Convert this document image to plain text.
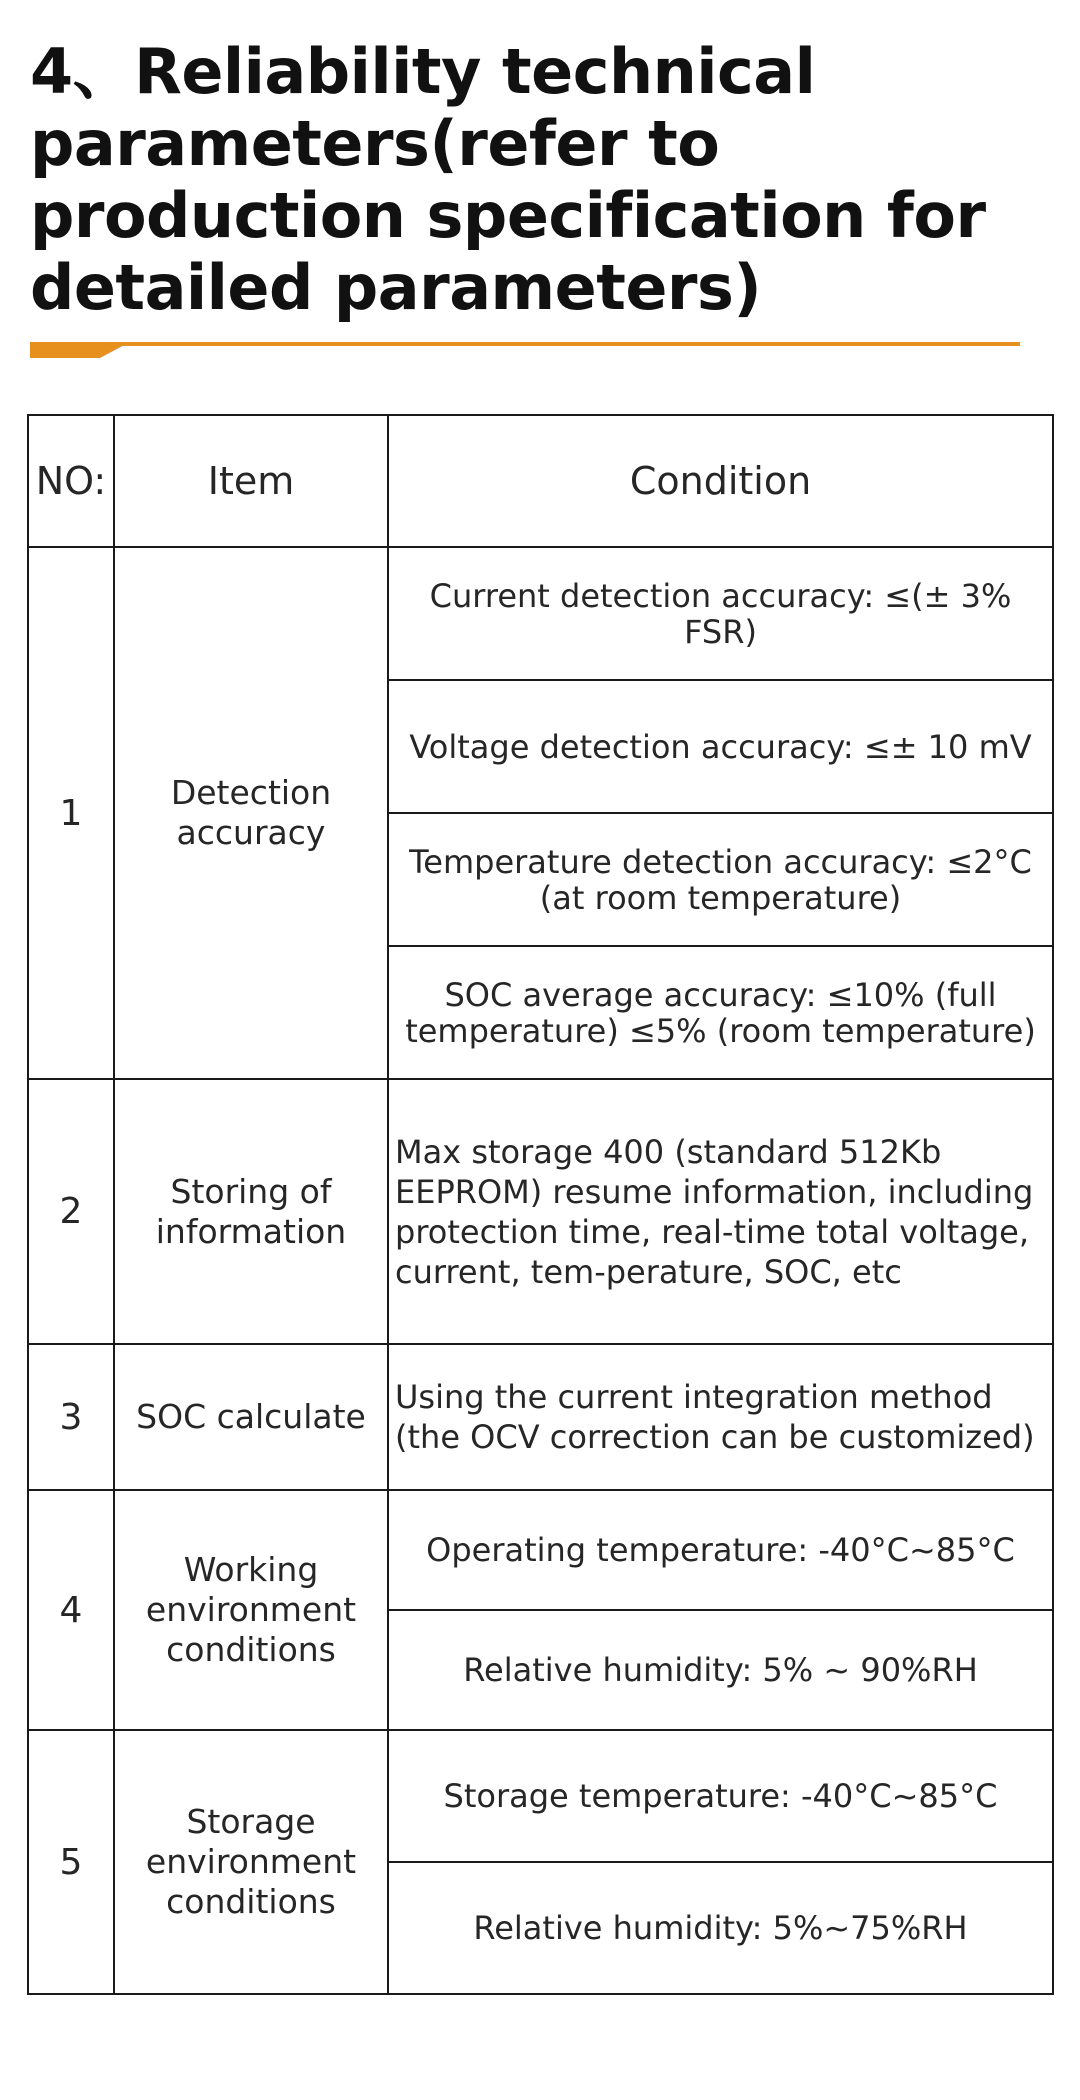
4、Reliability technical parameters(refer to production specification for detailed parameters)
NO:	Item	Condition
1	Detection accuracy	Current detection accuracy: ≤(± 3% FSR)
		Voltage detection accuracy: ≤± 10 mV
		Temperature detection accuracy: ≤2°C (at room temperature)
		SOC average accuracy: ≤10% (full temperature) ≤5% (room temperature)
2	Storing of information	Max storage 400 (standard 512Kb EEPROM) resume information, including protection time, real-time total voltage, current, tem-perature, SOC, etc
3	SOC calculate	Using the current integration method (the OCV correction can be customized)
4	Working environment conditions	Operating temperature: -40°C~85°C
		Relative humidity: 5% ~ 90%RH
5	Storage environment conditions	Storage temperature: -40°C~85°C
		Relative humidity: 5%~75%RH
